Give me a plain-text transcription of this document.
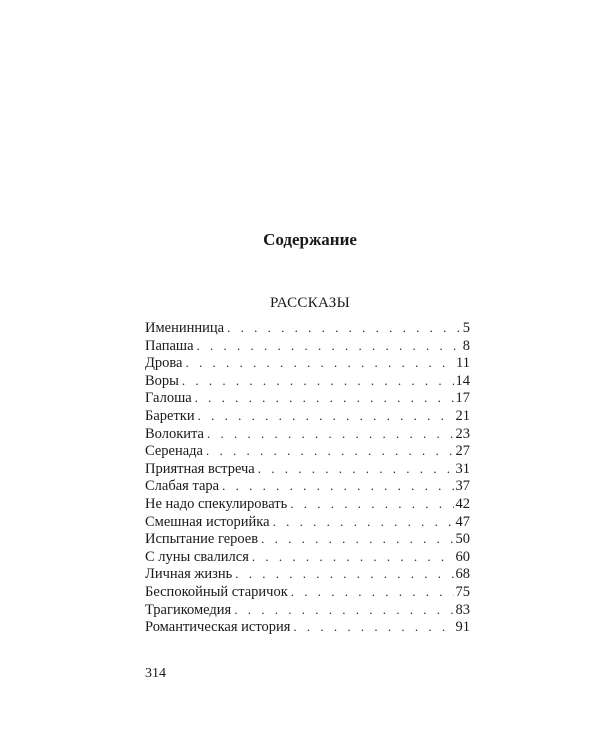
Содержание
РАССКАЗЫ
Именинница . . .	5
Папаша . . .	8
Дрова . . .	11
Воры . . .	14
Галоша . . .	17
Баретки . . .	21
Волокита . . .	23
Серенада . . .	27
Приятная встреча . . .	31
Слабая тара . . .	37
Не надо спекулировать . . .	42
Смешная историйка . . .	47
Испытание героев . . .	50
С луны свалился . . .	60
Личная жизнь . . .	68
Беспокойный старичок . . .	75
Трагикомедия . . .	83
Романтическая история . . .	91
314
